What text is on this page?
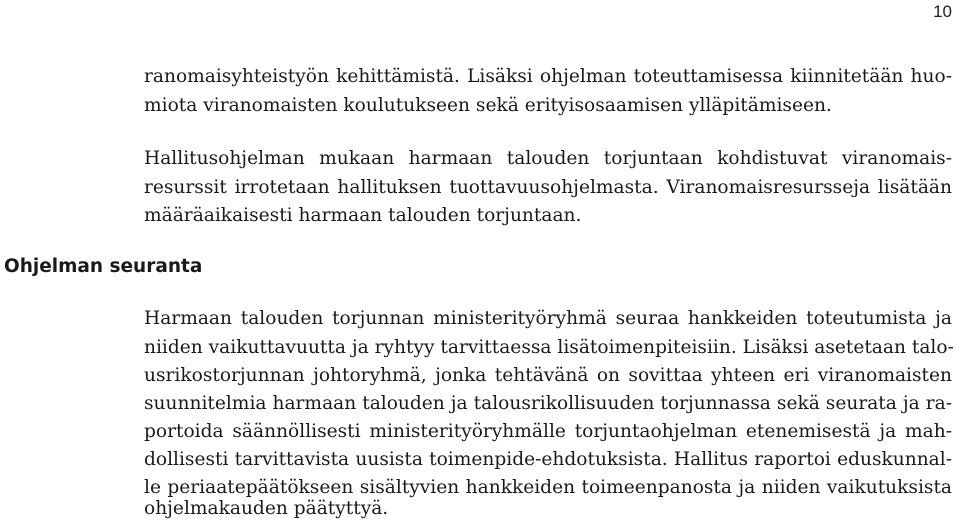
10

ranomaisyhteistyön kehittämistä. Lisäksi ohjelman toteuttamisessa kiinnitetään huo-

miota viranomaisten koulutukseen sekä erityisosaamisen ylläpitämiseen.

Hallitusohjelman mukaan harmaan talouden torjuntaan kohdistuvat viranomais-

resurssit irrotetaan hallituksen tuottavuusohjelmasta. Viranomaisresursseja lisätään

määräaikaisesti harmaan talouden torjuntaan.

Ohjelman seuranta

Harmaan talouden torjunnan ministerityöryhmä seuraa hankkeiden toteutumista ja

niiden vaikuttavuutta ja ryhtyy tarvittaessa lisätoimenpiteisiin. Lisäksi asetetaan talo-

usrikostorjunnan johtoryhmä, jonka tehtävänä on sovittaa yhteen eri viranomaisten

suunnitelmia harmaan talouden ja talousrikollisuuden torjunnassa sekä seurata ja ra-

portoida säännöllisesti ministerityöryhmälle torjuntaohjelman etenemisestä ja mah-

dollisesti tarvittavista uusista toimenpide-ehdotuksista. Hallitus raportoi eduskunnal-

le periaatepäätökseen sisältyvien hankkeiden toimeenpanosta ja niiden vaikutuksista

ohjelmakauden päätyttyä.
